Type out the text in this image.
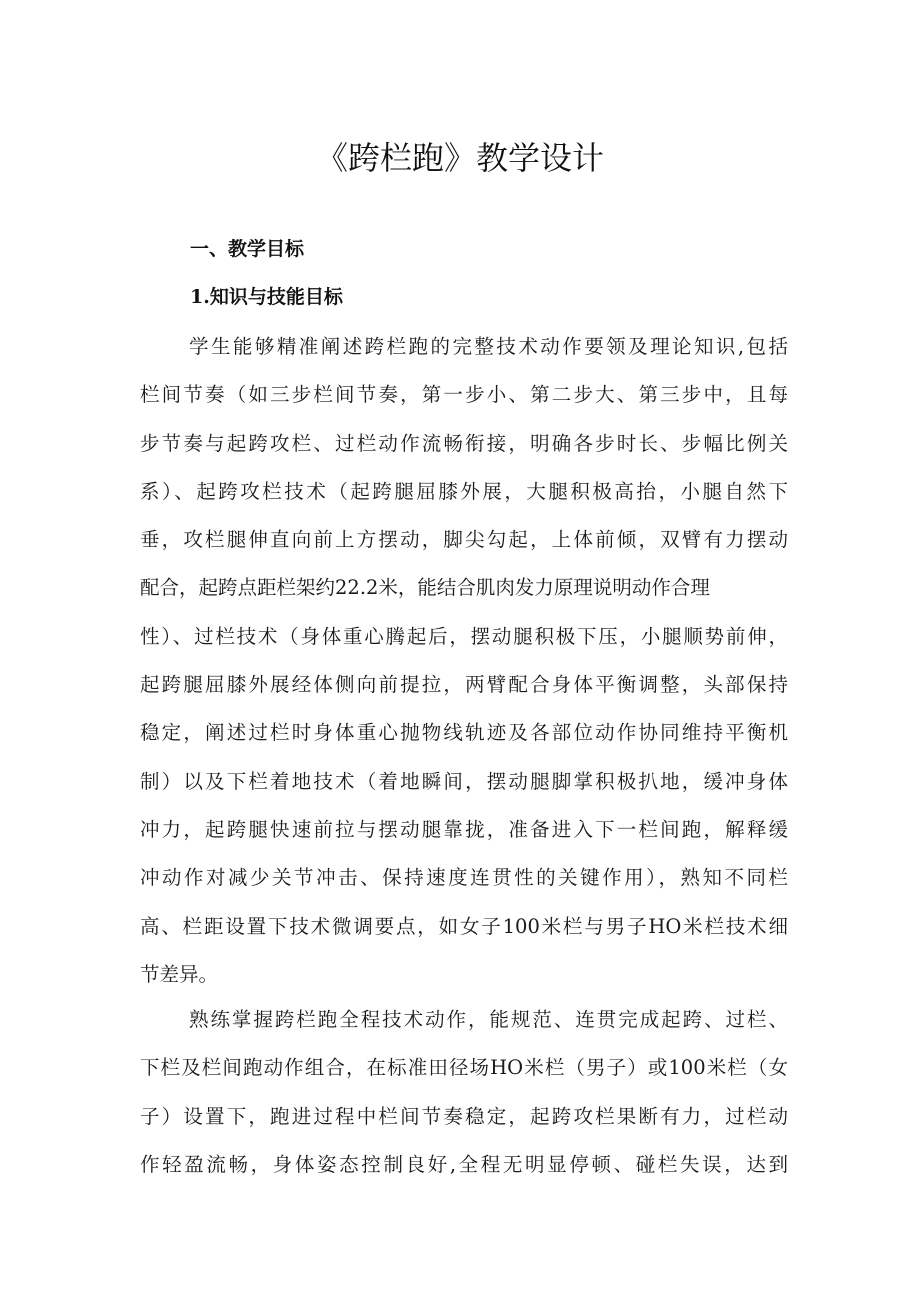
《跨栏跑》教学设计
一、教学目标
1.知识与技能目标
学生能够精准阐述跨栏跑的完整技术动作要领及理论知识,包括
栏间节奏（如三步栏间节奏，第一步小、第二步大、第三步中，且每
步节奏与起跨攻栏、过栏动作流畅衔接，明确各步时长、步幅比例关
系）、起跨攻栏技术（起跨腿屈膝外展，大腿积极高抬，小腿自然下
垂，攻栏腿伸直向前上方摆动，脚尖勾起，上体前倾，双臂有力摆动
配合，起跨点距栏架约22.2米，能结合肌肉发力原理说明动作合理
性）、过栏技术（身体重心腾起后，摆动腿积极下压，小腿顺势前伸，
起跨腿屈膝外展经体侧向前提拉，两臂配合身体平衡调整，头部保持
稳定，阐述过栏时身体重心抛物线轨迹及各部位动作协同维持平衡机
制）以及下栏着地技术（着地瞬间，摆动腿脚掌积极扒地，缓冲身体
冲力，起跨腿快速前拉与摆动腿靠拢，准备进入下一栏间跑，解释缓
冲动作对减少关节冲击、保持速度连贯性的关键作用），熟知不同栏
高、栏距设置下技术微调要点，如女子100米栏与男子HO米栏技术细
节差异。
熟练掌握跨栏跑全程技术动作，能规范、连贯完成起跨、过栏、
下栏及栏间跑动作组合，在标准田径场HO米栏（男子）或100米栏（女
子）设置下，跑进过程中栏间节奏稳定，起跨攻栏果断有力，过栏动
作轻盈流畅，身体姿态控制良好,全程无明显停顿、碰栏失误，达到
